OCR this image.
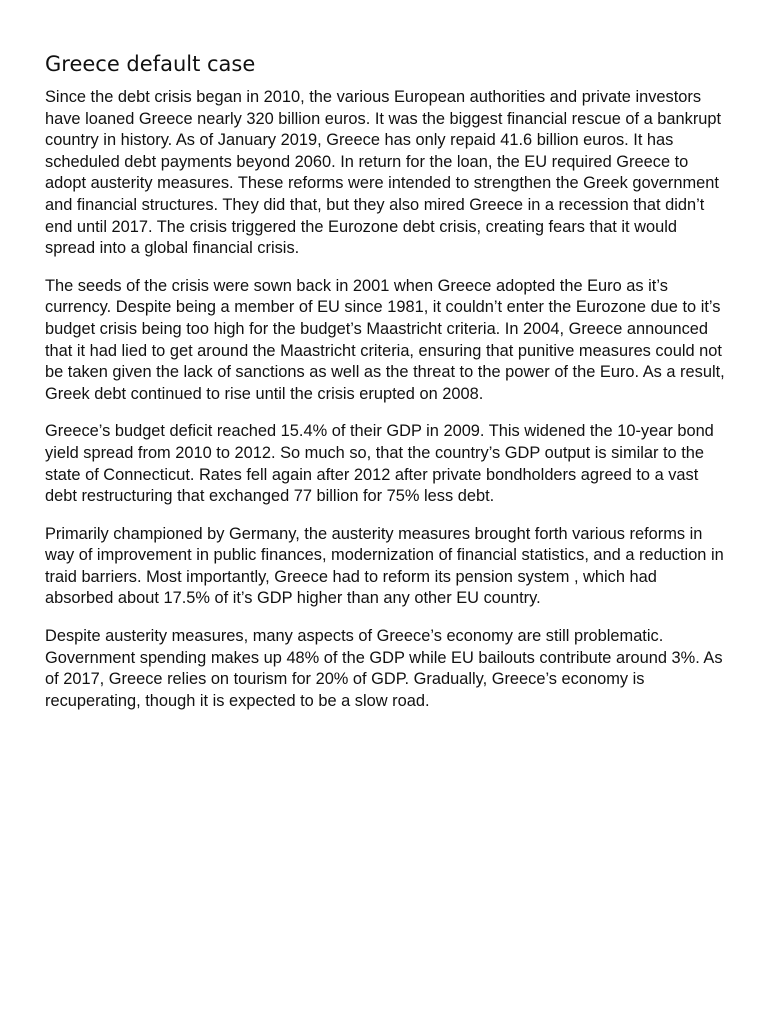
Greece default case

Since the debt crisis began in 2010, the various European authorities and private investors have loaned Greece nearly 320 billion euros. It was the biggest financial rescue of a bankrupt country in history. As of January 2019, Greece has only repaid 41.6 billion euros. It has scheduled debt payments beyond 2060. In return for the loan, the EU required Greece to adopt austerity measures. These reforms were intended to strengthen the Greek government and financial structures. They did that, but they also mired Greece in a recession that didn’t end until 2017. The crisis triggered the Eurozone debt crisis, creating fears that it would spread into a global financial crisis.

The seeds of the crisis were sown back in 2001 when Greece adopted the Euro as it’s currency. Despite being a member of EU since 1981, it couldn’t enter the Eurozone due to it’s budget crisis being too high for the budget’s Maastricht criteria. In 2004, Greece announced that it had lied to get around the Maastricht criteria, ensuring that punitive measures could not be taken given the lack of sanctions as well as the threat to the power of the Euro. As a result, Greek debt continued to rise until the crisis erupted on 2008.

Greece’s budget deficit reached 15.4% of their GDP in 2009. This widened the 10-year bond yield spread from 2010 to 2012. So much so, that the country’s GDP output is similar to the state of Connecticut. Rates fell again after 2012 after private bondholders agreed to a vast debt restructuring that exchanged 77 billion for 75% less debt.

Primarily championed by Germany, the austerity measures brought forth various reforms in way of improvement in public finances, modernization of financial statistics, and a reduction in traid barriers. Most importantly, Greece had to reform its pension system , which had absorbed about 17.5% of it’s GDP higher than any other EU country.

Despite austerity measures, many aspects of Greece’s economy are still problematic. Government spending makes up 48% of the GDP while EU bailouts contribute around 3%. As of 2017, Greece relies on tourism for 20% of GDP. Gradually, Greece’s economy is recuperating, though it is expected to be a slow road.
